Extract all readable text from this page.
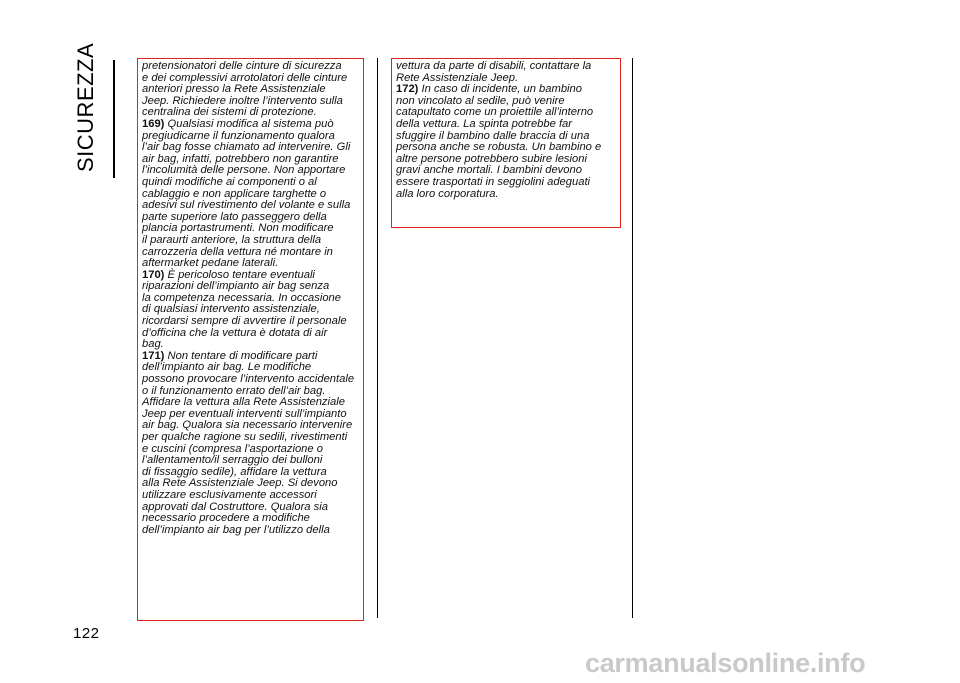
SICUREZZA	pretensionatori delle cinture di sicurezza
e dei complessivi arrotolatori delle cinture
anteriori presso la Rete Assistenziale
Jeep. Richiedere inoltre l’intervento sulla
centralina dei sistemi di protezione.

169) Qualsiasi modifica al sistema può
pregiudicarne il funzionamento qualora
l’air bag fosse chiamato ad intervenire. Gli
air bag, infatti, potrebbero non garantire
l’incolumità delle persone. Non apportare
quindi modifiche ai componenti o al
cablaggio e non applicare targhette o
adesivi sul rivestimento del volante e sulla
parte superiore lato passeggero della
plancia portastrumenti. Non modificare
il paraurti anteriore, la struttura della
carrozzeria della vettura né montare in
aftermarket pedane laterali.

170) È pericoloso tentare eventuali
riparazioni dell’impianto air bag senza
la competenza necessaria. In occasione
di qualsiasi intervento assistenziale,
ricordarsi sempre di avvertire il personale
d’officina che la vettura è dotata di air
bag.

171) Non tentare di modificare parti
dell’impianto air bag. Le modifiche
possono provocare l’intervento accidentale
o il funzionamento errato dell’air bag.
Affidare la vettura alla Rete Assistenziale
Jeep per eventuali interventi sull’impianto
air bag. Qualora sia necessario intervenire
per qualche ragione su sedili, rivestimenti
e cuscini (compresa l’asportazione o
l’allentamento/il serraggio dei bulloni
di fissaggio sedile), affidare la vettura
alla Rete Assistenziale Jeep. Si devono
utilizzare esclusivamente accessori
approvati dal Costruttore. Qualora sia
necessario procedere a modifiche
dell’impianto air bag per l’utilizzo della

vettura da parte di disabili, contattare la
Rete Assistenziale Jeep.

172) In caso di incidente, un bambino
non vincolato al sedile, può venire
catapultato come un proiettile all’interno
della vettura. La spinta potrebbe far
sfuggire il bambino dalle braccia di una
persona anche se robusta. Un bambino e
altre persone potrebbero subire lesioni
gravi anche mortali. I bambini devono
essere trasportati in seggiolini adeguati
alla loro corporatura.

122
carmanualsonline.info
